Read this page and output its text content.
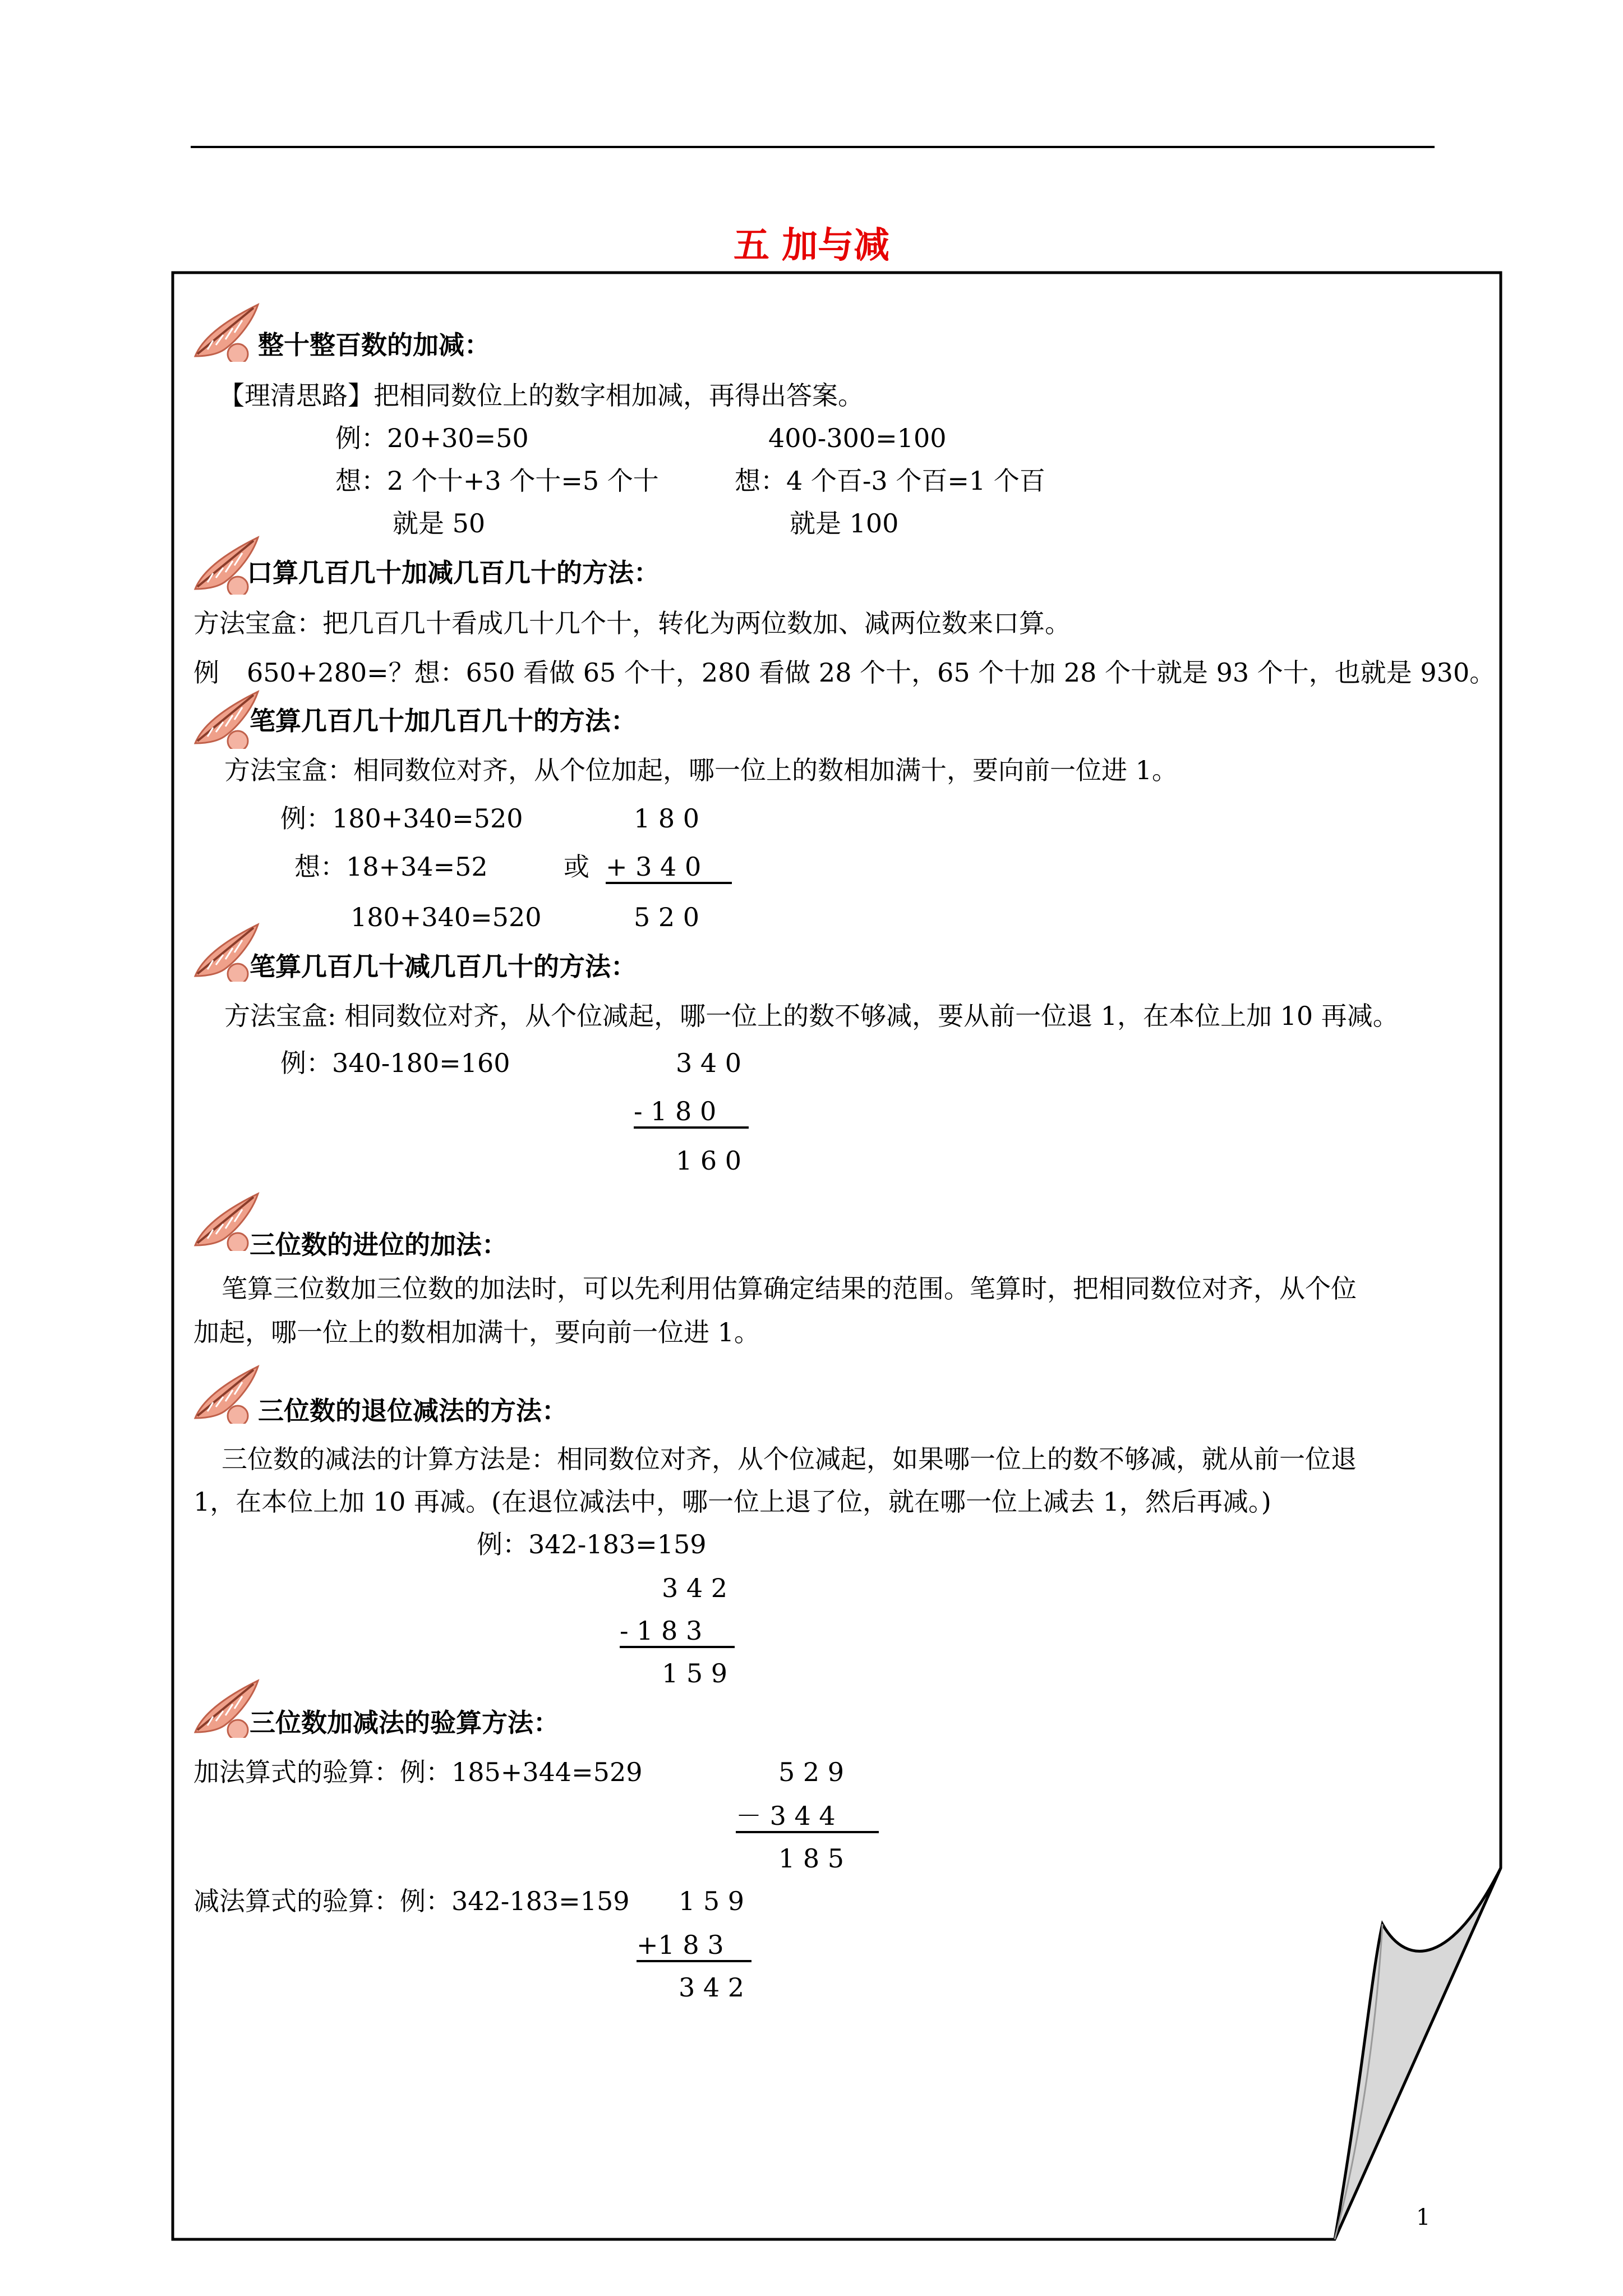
五 加与减
整十整百数的加减：
【理清思路】把相同数位上的数字相加减，再得出答案。
例：20+30=50	400-300=100
想：2 个十+3 个十=5 个十	想：4 个百-3 个百=1 个百
就是 50	就是 100
口算几百几十加减几百几十的方法：
方法宝盒：把几百几十看成几十几个十，转化为两位数加、减两位数来口算。
例 650+280=？想：650 看做 65 个十，280 看做 28 个十，65 个十加 28 个十就是 93 个十，也就是 930。
笔算几百几十加几百几十的方法：
方法宝盒：相同数位对齐，从个位加起，哪一位上的数相加满十，要向前一位进 1。
例：180+340=520	1 8 0
想：18+34=52	或 + 3 4 0
180+340=520	5 2 0
笔算几百几十减几百几十的方法：
方法宝盒: 相同数位对齐，从个位减起，哪一位上的数不够减，要从前一位退 1，在本位上加 10 再减。
例：340-180=160	3 4 0
- 1 8 0
1 6 0
三位数的进位的加法：
笔算三位数加三位数的加法时，可以先利用估算确定结果的范围。笔算时，把相同数位对齐，从个位
加起，哪一位上的数相加满十，要向前一位进 1。
三位数的退位减法的方法：
三位数的减法的计算方法是：相同数位对齐，从个位减起，如果哪一位上的数不够减，就从前一位退
1，在本位上加 10 再减。(在退位减法中，哪一位上退了位，就在哪一位上减去 1，然后再减。)
例：342-183=159
3 4 2
- 1 8 3
1 5 9
三位数加减法的验算方法：
加法算式的验算：例：185+344=529	5 2 9
－ 3 4 4
1 8 5
减法算式的验算：例：342-183=159 1 5 9
+1 8 3
3 4 2
1
